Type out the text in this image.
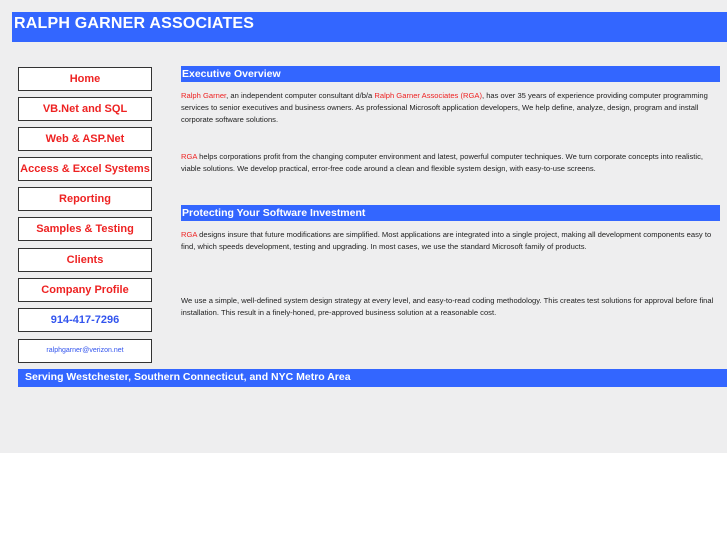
RALPH GARNER ASSOCIATES
Home
VB.Net and SQL
Web & ASP.Net
Access & Excel Systems
Reporting
Samples & Testing
Clients
Company Profile
914-417-7296
ralphgarner@verizon.net
Executive Overview
Ralph Garner, an independent computer consultant d/b/a Ralph Garner Associates (RGA), has over 35 years of experience providing computer programming services to senior executives and business owners. As professional Microsoft application developers, We help define, analyze, design, program and install corporate software solutions.
RGA helps corporations profit from the changing computer environment and latest, powerful computer techniques. We turn corporate concepts into realistic, viable solutions. We develop practical, error-free code around a clean and flexible system design, with easy-to-use screens.
Protecting Your Software Investment
RGA designs insure that future modifications are simplified. Most applications are integrated into a single project, making all development components easy to find, which speeds development, testing and upgrading. In most cases, we use the standard Microsoft family of products.
We use a simple, well-defined system design strategy at every level, and easy-to-read coding methodology. This creates test solutions for approval before final installation. This result in a finely-honed, pre-approved business solution at a reasonable cost.
Serving Westchester, Southern Connecticut, and NYC Metro Area
